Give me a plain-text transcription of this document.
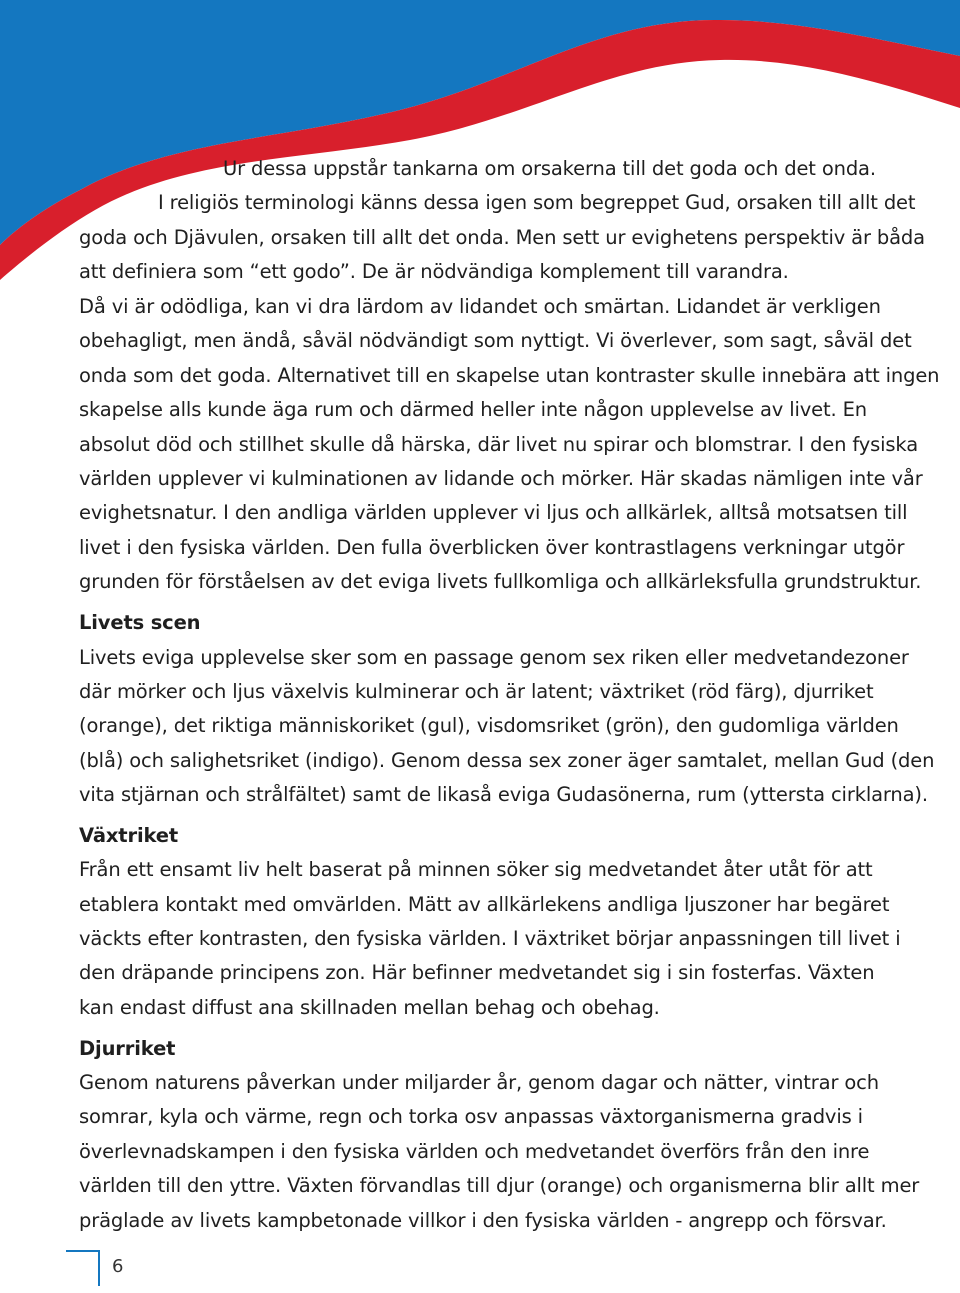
Ur dessa uppstår tankarna om orsakerna till det goda och det onda.
I religiös terminologi känns dessa igen som begreppet Gud, orsaken till allt det
goda och Djävulen, orsaken till allt det onda. Men sett ur evighetens perspektiv är båda
att definiera som “ett godo”. De är nödvändiga komplement till varandra.
Då vi är odödliga, kan vi dra lärdom av lidandet och smärtan. Lidandet är verkligen
obehagligt, men ändå, såväl nödvändigt som nyttigt. Vi överlever, som sagt, såväl det
onda som det goda. Alternativet till en skapelse utan kontraster skulle innebära att ingen
skapelse alls kunde äga rum och därmed heller inte någon upplevelse av livet. En
absolut död och stillhet skulle då härska, där livet nu spirar och blomstrar. I den fysiska
världen upplever vi kulminationen av lidande och mörker. Här skadas nämligen inte vår
evighetsnatur. I den andliga världen upplever vi ljus och allkärlek, alltså motsatsen till
livet i den fysiska världen. Den fulla överblicken över kontrastlagens verkningar utgör
grunden för förståelsen av det eviga livets fullkomliga och allkärleksfulla grundstruktur.
Livets scen
Livets eviga upplevelse sker som en passage genom sex riken eller medvetandezoner
där mörker och ljus växelvis kulminerar och är latent; växtriket (röd färg), djurriket
(orange), det riktiga människoriket (gul), visdomsriket (grön), den gudomliga världen
(blå) och salighetsriket (indigo). Genom dessa sex zoner äger samtalet, mellan Gud (den
vita stjärnan och strålfältet) samt de likaså eviga Gudasönerna, rum (yttersta cirklarna).
Växtriket
Från ett ensamt liv helt baserat på minnen söker sig medvetandet åter utåt för att
etablera kontakt med omvärlden. Mätt av allkärlekens andliga ljuszoner har begäret
väckts efter kontrasten, den fysiska världen. I växtriket börjar anpassningen till livet i
den dräpande principens zon. Här befinner medvetandet sig i sin fosterfas. Växten
kan endast diffust ana skillnaden mellan behag och obehag.
Djurriket
Genom naturens påverkan under miljarder år, genom dagar och nätter, vintrar och
somrar, kyla och värme, regn och torka osv anpassas växtorganismerna gradvis i
överlevnadskampen i den fysiska världen och medvetandet överförs från den inre
världen till den yttre. Växten förvandlas till djur (orange) och organismerna blir allt mer
präglade av livets kampbetonade villkor i den fysiska världen - angrepp och försvar.
6
